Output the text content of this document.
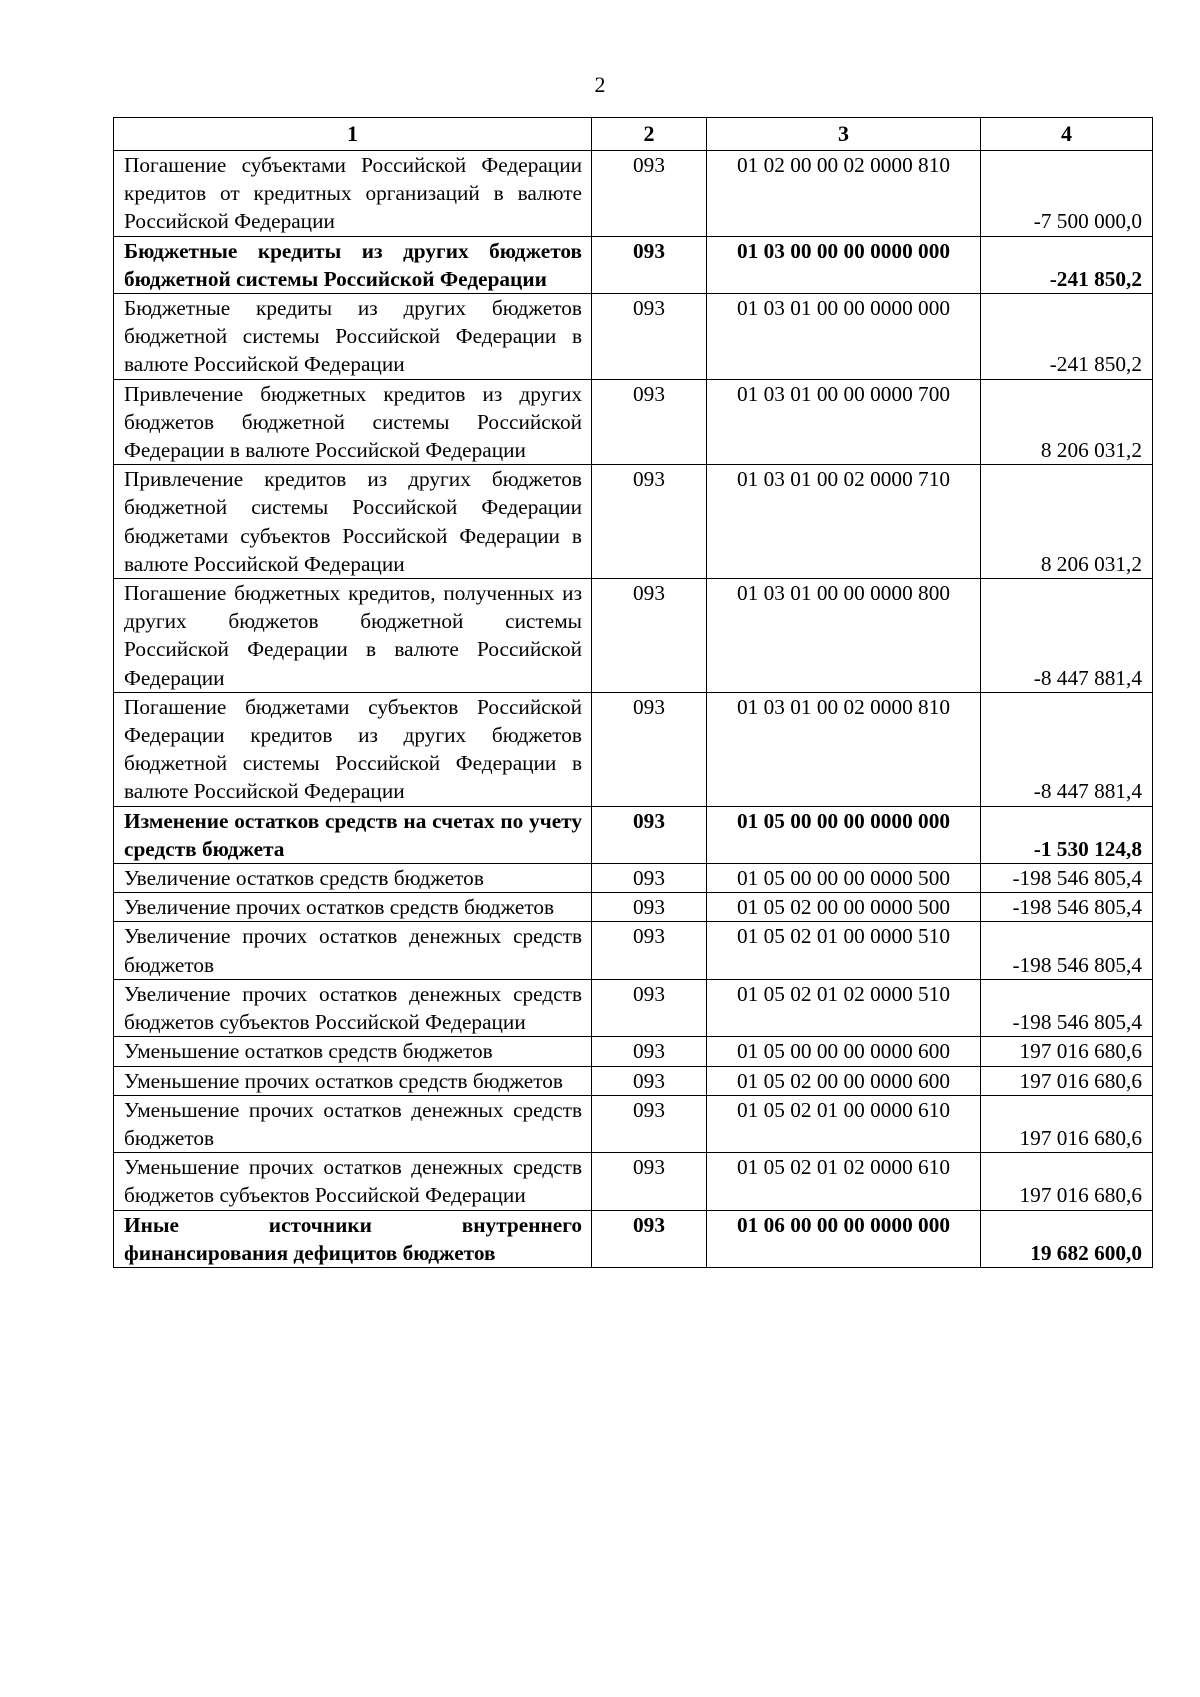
2
1	2	3	4
Погашение субъектами Российской Федерации кредитов от кредитных организаций в валюте Российской Федерации	093	01 02 00 00 02 0000 810	-7 500 000,0
Бюджетные кредиты из других бюджетов бюджетной системы Российской Федерации	093	01 03 00 00 00 0000 000	-241 850,2
Бюджетные кредиты из других бюджетов бюджетной системы Российской Федерации в валюте Российской Федерации	093	01 03 01 00 00 0000 000	-241 850,2
Привлечение бюджетных кредитов из других бюджетов бюджетной системы Российской Федерации в валюте Российской Федерации	093	01 03 01 00 00 0000 700	8 206 031,2
Привлечение кредитов из других бюджетов бюджетной системы Российской Федерации бюджетами субъектов Российской Федерации в валюте Российской Федерации	093	01 03 01 00 02 0000 710	8 206 031,2
Погашение бюджетных кредитов, полученных из других бюджетов бюджетной системы Российской Федерации в валюте Российской Федерации	093	01 03 01 00 00 0000 800	-8 447 881,4
Погашение бюджетами субъектов Российской Федерации кредитов из других бюджетов бюджетной системы Российской Федерации в валюте Российской Федерации	093	01 03 01 00 02 0000 810	-8 447 881,4
Изменение остатков средств на счетах по учету средств бюджета	093	01 05 00 00 00 0000 000	-1 530 124,8
Увеличение остатков средств бюджетов	093	01 05 00 00 00 0000 500	-198 546 805,4
Увеличение прочих остатков средств бюджетов	093	01 05 02 00 00 0000 500	-198 546 805,4
Увеличение прочих остатков денежных средств бюджетов	093	01 05 02 01 00 0000 510	-198 546 805,4
Увеличение прочих остатков денежных средств бюджетов субъектов Российской Федерации	093	01 05 02 01 02 0000 510	-198 546 805,4
Уменьшение остатков средств бюджетов	093	01 05 00 00 00 0000 600	197 016 680,6
Уменьшение прочих остатков средств бюджетов	093	01 05 02 00 00 0000 600	197 016 680,6
Уменьшение прочих остатков денежных средств бюджетов	093	01 05 02 01 00 0000 610	197 016 680,6
Уменьшение прочих остатков денежных средств бюджетов субъектов Российской Федерации	093	01 05 02 01 02 0000 610	197 016 680,6
Иные источники внутреннего финансирования дефицитов бюджетов	093	01 06 00 00 00 0000 000	19 682 600,0
